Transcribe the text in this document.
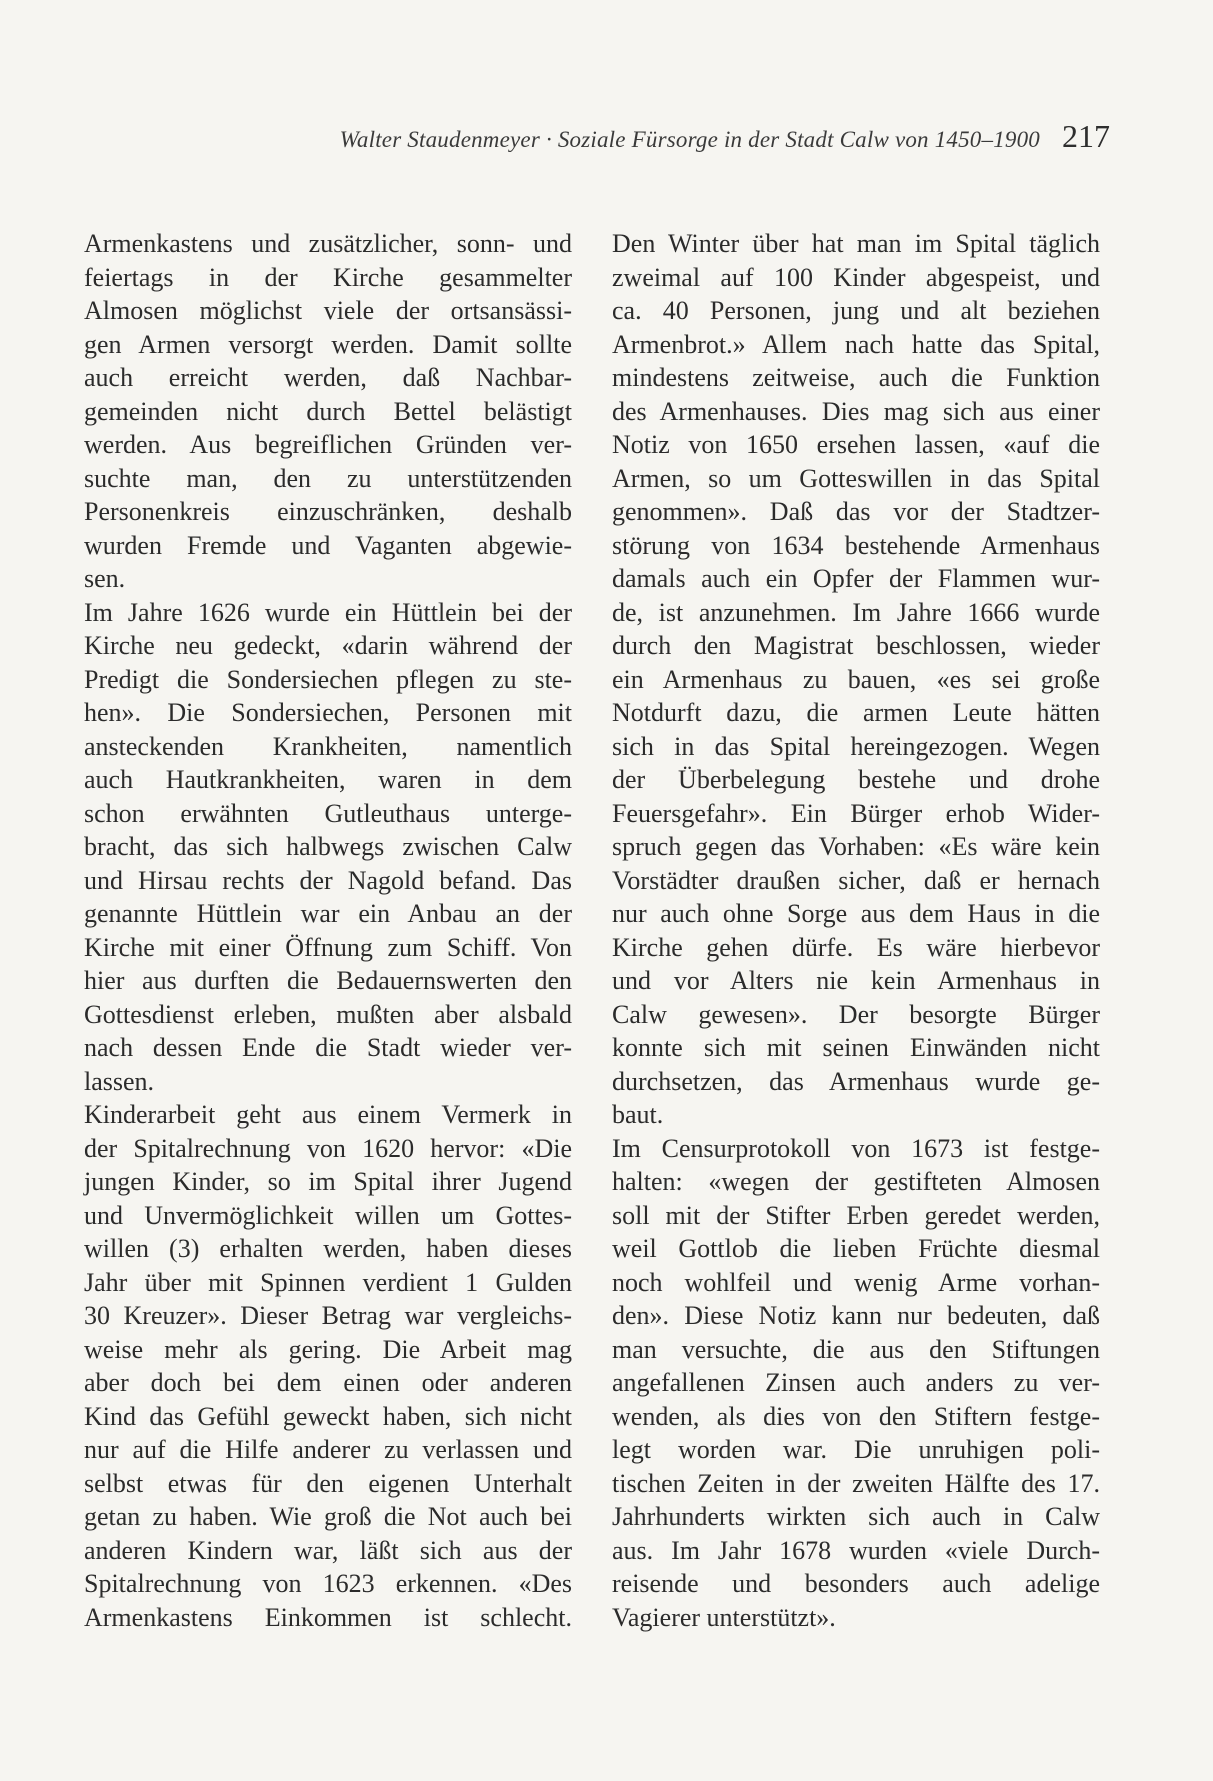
Walter Staudenmeyer · Soziale Fürsorge in der Stadt Calw von 1450–1900 217
Armenkastens und zusätzlicher, sonn- und
feiertags in der Kirche gesammelter
Almosen möglichst viele der ortsansässi-
gen Armen versorgt werden. Damit sollte
auch erreicht werden, daß Nachbar-
gemeinden nicht durch Bettel belästigt
werden. Aus begreiflichen Gründen ver-
suchte man, den zu unterstützenden
Personenkreis einzuschränken, deshalb
wurden Fremde und Vaganten abgewie-
sen.
Im Jahre 1626 wurde ein Hüttlein bei der
Kirche neu gedeckt, «darin während der
Predigt die Sondersiechen pflegen zu ste-
hen». Die Sondersiechen, Personen mit
ansteckenden Krankheiten, namentlich
auch Hautkrankheiten, waren in dem
schon erwähnten Gutleuthaus unterge-
bracht, das sich halbwegs zwischen Calw
und Hirsau rechts der Nagold befand. Das
genannte Hüttlein war ein Anbau an der
Kirche mit einer Öffnung zum Schiff. Von
hier aus durften die Bedauernswerten den
Gottesdienst erleben, mußten aber alsbald
nach dessen Ende die Stadt wieder ver-
lassen.
Kinderarbeit geht aus einem Vermerk in
der Spitalrechnung von 1620 hervor: «Die
jungen Kinder, so im Spital ihrer Jugend
und Unvermöglichkeit willen um Gottes-
willen (3) erhalten werden, haben dieses
Jahr über mit Spinnen verdient 1 Gulden
30 Kreuzer». Dieser Betrag war vergleichs-
weise mehr als gering. Die Arbeit mag
aber doch bei dem einen oder anderen
Kind das Gefühl geweckt haben, sich nicht
nur auf die Hilfe anderer zu verlassen und
selbst etwas für den eigenen Unterhalt
getan zu haben. Wie groß die Not auch bei
anderen Kindern war, läßt sich aus der
Spitalrechnung von 1623 erkennen. «Des
Armenkastens Einkommen ist schlecht.
Den Winter über hat man im Spital täglich
zweimal auf 100 Kinder abgespeist, und
ca. 40 Personen, jung und alt beziehen
Armenbrot.» Allem nach hatte das Spital,
mindestens zeitweise, auch die Funktion
des Armenhauses. Dies mag sich aus einer
Notiz von 1650 ersehen lassen, «auf die
Armen, so um Gotteswillen in das Spital
genommen». Daß das vor der Stadtzer-
störung von 1634 bestehende Armenhaus
damals auch ein Opfer der Flammen wur-
de, ist anzunehmen. Im Jahre 1666 wurde
durch den Magistrat beschlossen, wieder
ein Armenhaus zu bauen, «es sei große
Notdurft dazu, die armen Leute hätten
sich in das Spital hereingezogen. Wegen
der Überbelegung bestehe und drohe
Feuersgefahr». Ein Bürger erhob Wider-
spruch gegen das Vorhaben: «Es wäre kein
Vorstädter draußen sicher, daß er hernach
nur auch ohne Sorge aus dem Haus in die
Kirche gehen dürfe. Es wäre hierbevor
und vor Alters nie kein Armenhaus in
Calw gewesen». Der besorgte Bürger
konnte sich mit seinen Einwänden nicht
durchsetzen, das Armenhaus wurde ge-
baut.
Im Censurprotokoll von 1673 ist festge-
halten: «wegen der gestifteten Almosen
soll mit der Stifter Erben geredet werden,
weil Gottlob die lieben Früchte diesmal
noch wohlfeil und wenig Arme vorhan-
den». Diese Notiz kann nur bedeuten, daß
man versuchte, die aus den Stiftungen
angefallenen Zinsen auch anders zu ver-
wenden, als dies von den Stiftern festge-
legt worden war. Die unruhigen poli-
tischen Zeiten in der zweiten Hälfte des 17.
Jahrhunderts wirkten sich auch in Calw
aus. Im Jahr 1678 wurden «viele Durch-
reisende und besonders auch adelige
Vagierer unterstützt».
